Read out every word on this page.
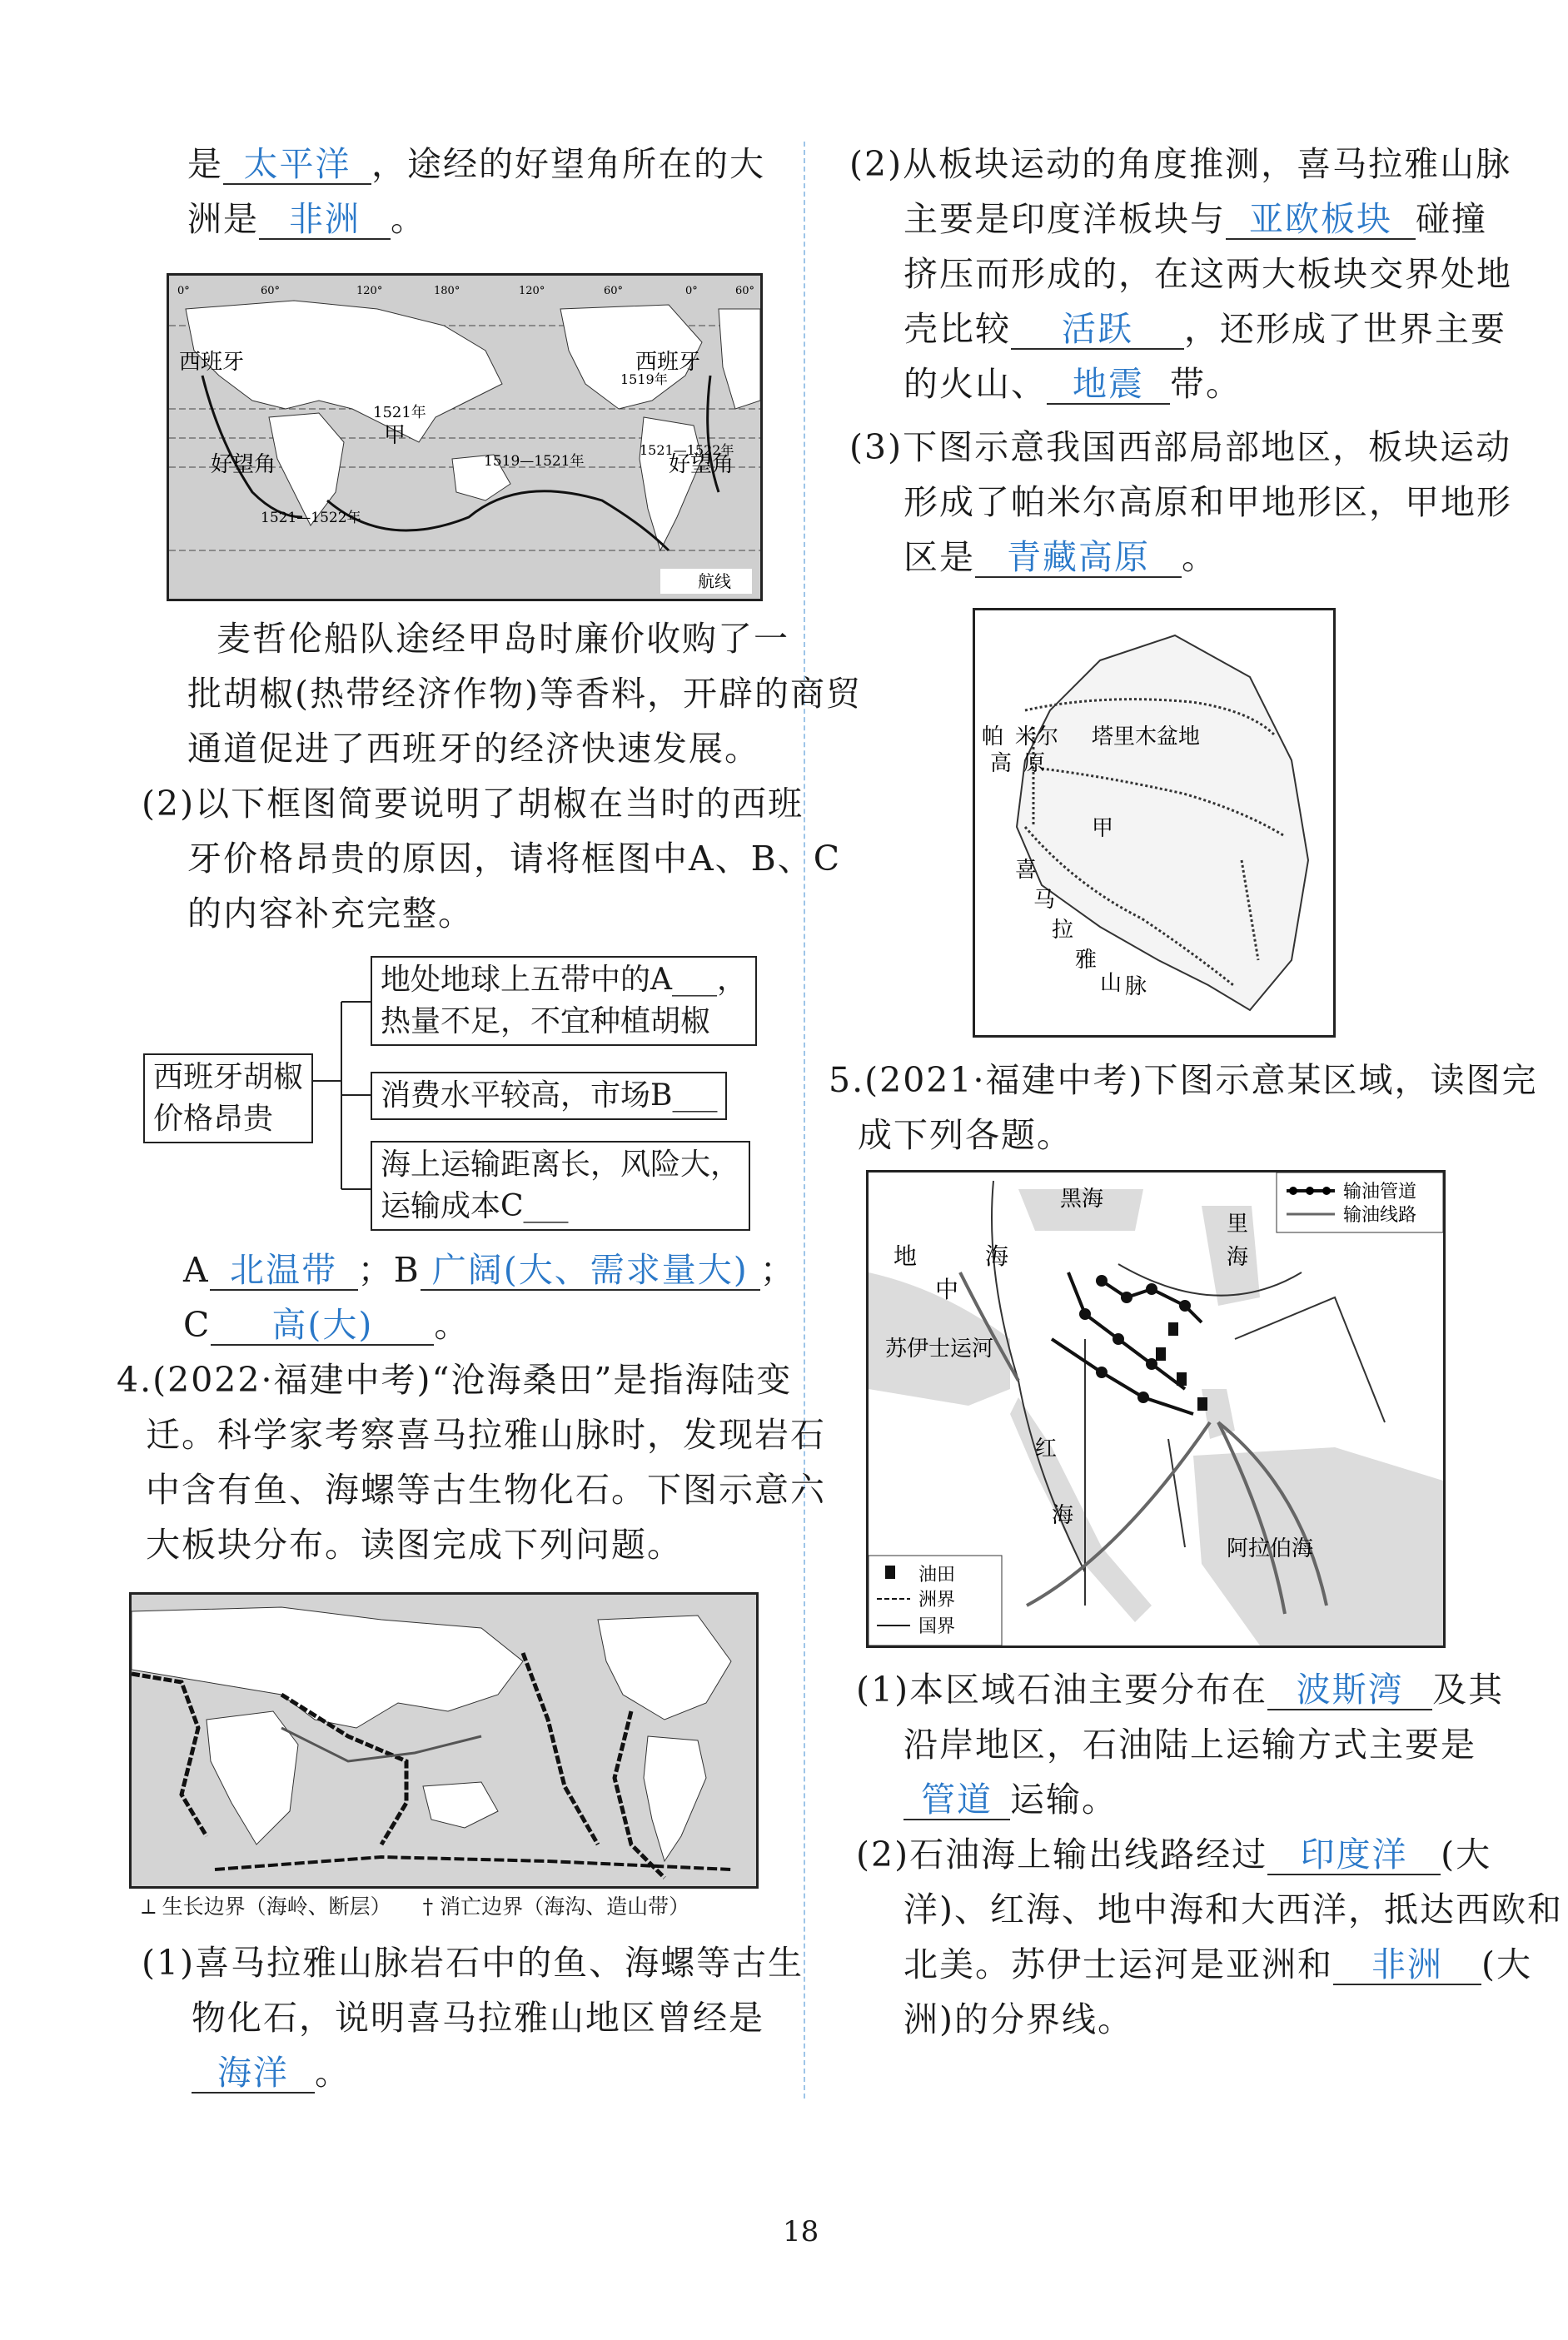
是 太平洋 ，途经的好望角所在的大
洲是 非洲 。
0°	60°	120°	180°	120°	60°	0°	60°
西班牙	西班牙
1521年
甲
好望角	好望角
1519—1521年
1521—1522年
1519年
1521—1522年
航线
麦哲伦船队途经甲岛时廉价收购了一
批胡椒(热带经济作物)等香料，开辟的商贸
通道促进了西班牙的经济快速发展。
(2)以下框图简要说明了胡椒在当时的西班
牙价格昂贵的原因，请将框图中A、B、C
的内容补充完整。
西班牙胡椒
价格昂贵
地处地球上五带中的A___，
热量不足，不宜种植胡椒
消费水平较高，市场B___
海上运输距离长，风险大，
运输成本C___
A 北温带 ；B 广阔(大、需求量大) ；
C 高(大) 。
4.(2022·福建中考)“沧海桑田”是指海陆变
迁。科学家考察喜马拉雅山脉时，发现岩石
中含有鱼、海螺等古生物化石。下图示意六
大板块分布。读图完成下列问题。
⟂ 生长边界（海岭、断层） † 消亡边界（海沟、造山带）
(1)喜马拉雅山脉岩石中的鱼、海螺等古生
物化石，说明喜马拉雅山地区曾经是
海洋 。
(2)从板块运动的角度推测，喜马拉雅山脉
主要是印度洋板块与 亚欧板块 碰撞
挤压而形成的，在这两大板块交界处地
壳比较 活跃 ，还形成了世界主要
的火山、 地震 带。
(3)下图示意我国西部局部地区，板块运动
形成了帕米尔高原和甲地形区，甲地形
区是 青藏高原 。
帕 米尔
高 原
塔里木盆地
甲
喜
马
拉
雅
山 脉
5.(2021·福建中考)下图示意某区域，读图完
成下列各题。
输油管道
输油线路
油田
洲界
国界
黑海
里
海
地
中
海
苏伊士运河
红
海
阿拉伯海
(1)本区域石油主要分布在 波斯湾 及其
沿岸地区，石油陆上运输方式主要是
管道 运输。
(2)石油海上输出线路经过 印度洋 (大
洋)、红海、地中海和大西洋，抵达西欧和
北美。苏伊士运河是亚洲和 非洲 (大
洲)的分界线。
18
